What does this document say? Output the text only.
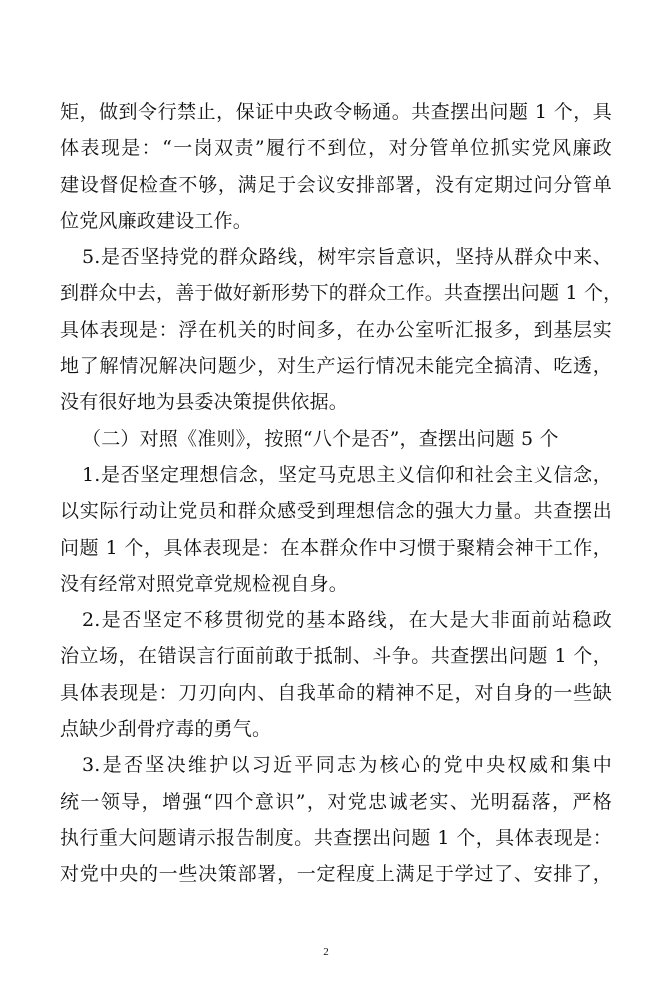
矩，做到令行禁止，保证中央政令畅通。共查摆出问题 1 个，具
体表现是：“一岗双责”履行不到位，对分管单位抓实党风廉政
建设督促检查不够，满足于会议安排部署，没有定期过问分管单
位党风廉政建设工作。
5.是否坚持党的群众路线，树牢宗旨意识，坚持从群众中来、
到群众中去，善于做好新形势下的群众工作。共查摆出问题 1 个，
具体表现是：浮在机关的时间多，在办公室听汇报多，到基层实
地了解情况解决问题少，对生产运行情况未能完全搞清、吃透，
没有很好地为县委决策提供依据。
（二）对照《准则》，按照“八个是否”，查摆出问题 5 个
1.是否坚定理想信念，坚定马克思主义信仰和社会主义信念，
以实际行动让党员和群众感受到理想信念的强大力量。共查摆出
问题 1 个，具体表现是：在本群众作中习惯于聚精会神干工作，
没有经常对照党章党规检视自身。
2.是否坚定不移贯彻党的基本路线，在大是大非面前站稳政
治立场，在错误言行面前敢于抵制、斗争。共查摆出问题 1 个，
具体表现是：刀刃向内、自我革命的精神不足，对自身的一些缺
点缺少刮骨疗毒的勇气。
3.是否坚决维护以习近平同志为核心的党中央权威和集中
统一领导，增强“四个意识”，对党忠诚老实、光明磊落，严格
执行重大问题请示报告制度。共查摆出问题 1 个，具体表现是：
对党中央的一些决策部署，一定程度上满足于学过了、安排了，
2
